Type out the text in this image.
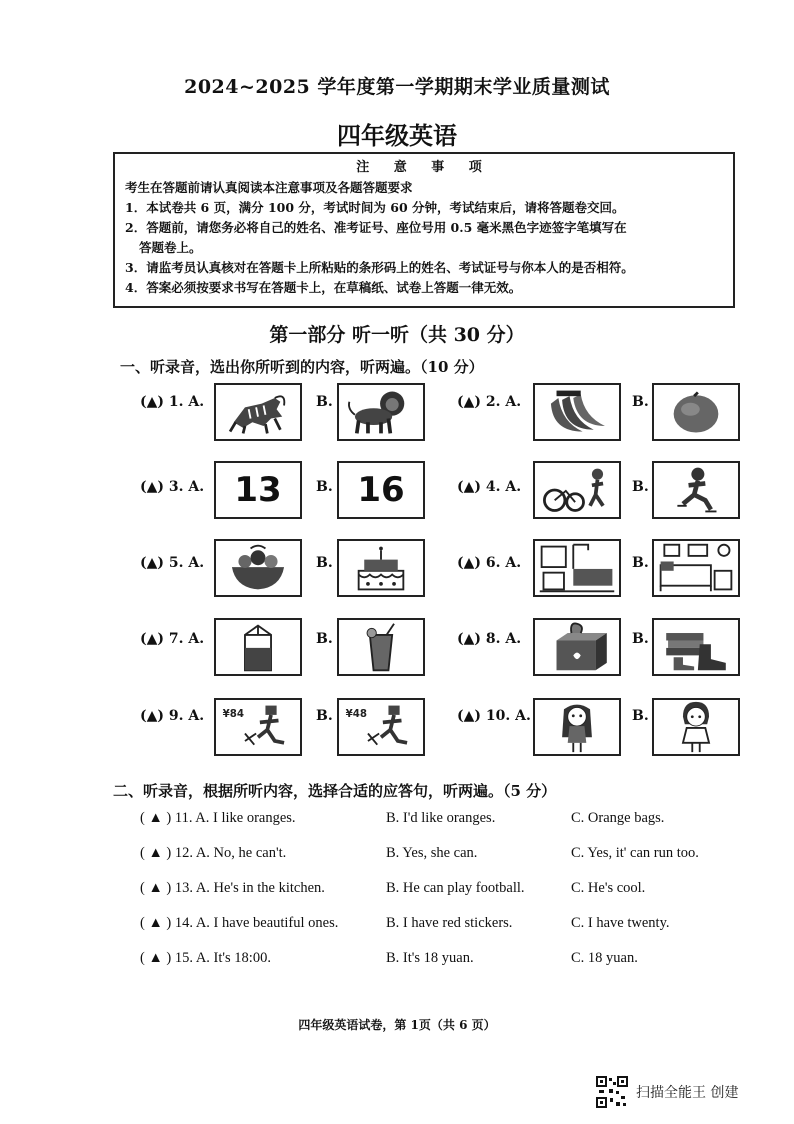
2024~2025 学年度第一学期期末学业质量测试
四年级英语
注 意 事 项
考生在答题前请认真阅读本注意事项及各题答题要求
1．本试卷共 6 页，满分 100 分，考试时间为 60 分钟，考试结束后，请将答题卷交回。
2．答题前，请您务必将自己的姓名、准考证号、座位号用 0.5 毫米黑色字迹签字笔填写在
答题卷上。
3．请监考员认真核对在答题卡上所粘贴的条形码上的姓名、考试证号与你本人的是否相符。
4．答案必须按要求书写在答题卡上，在草稿纸、试卷上答题一律无效。
第一部分 听一听（共 30 分）
一、听录音，选出你所听到的内容，听两遍。（10 分）
(▲) 1. A.	B.	(▲) 2. A.	B.
(▲) 3. A. 13	B. 16	(▲) 4. A.	B.
(▲) 5. A.	B.	(▲) 6. A.	B.
(▲) 7. A.	B.	(▲) 8. A.	B.
(▲) 9. A. ¥84	B. ¥48	(▲) 10. A.	B.
二、听录音，根据所听内容，选择合适的应答句，听两遍。（5 分）
( ▲ ) 11. A. I like oranges.	B. I'd like oranges.	C. Orange bags.
( ▲ ) 12. A. No, he can't.	B. Yes, she can.	C. Yes, it' can run too.
( ▲ ) 13. A. He's in the kitchen.	B. He can play football.	C. He's cool.
( ▲ ) 14. A. I have beautiful ones.	B. I have red stickers.	C. I have twenty.
( ▲ ) 15. A. It's 18:00.	B. It's 18 yuan.	C. 18 yuan.
四年级英语试卷，第 1页（共 6 页）
扫描全能王 创建
